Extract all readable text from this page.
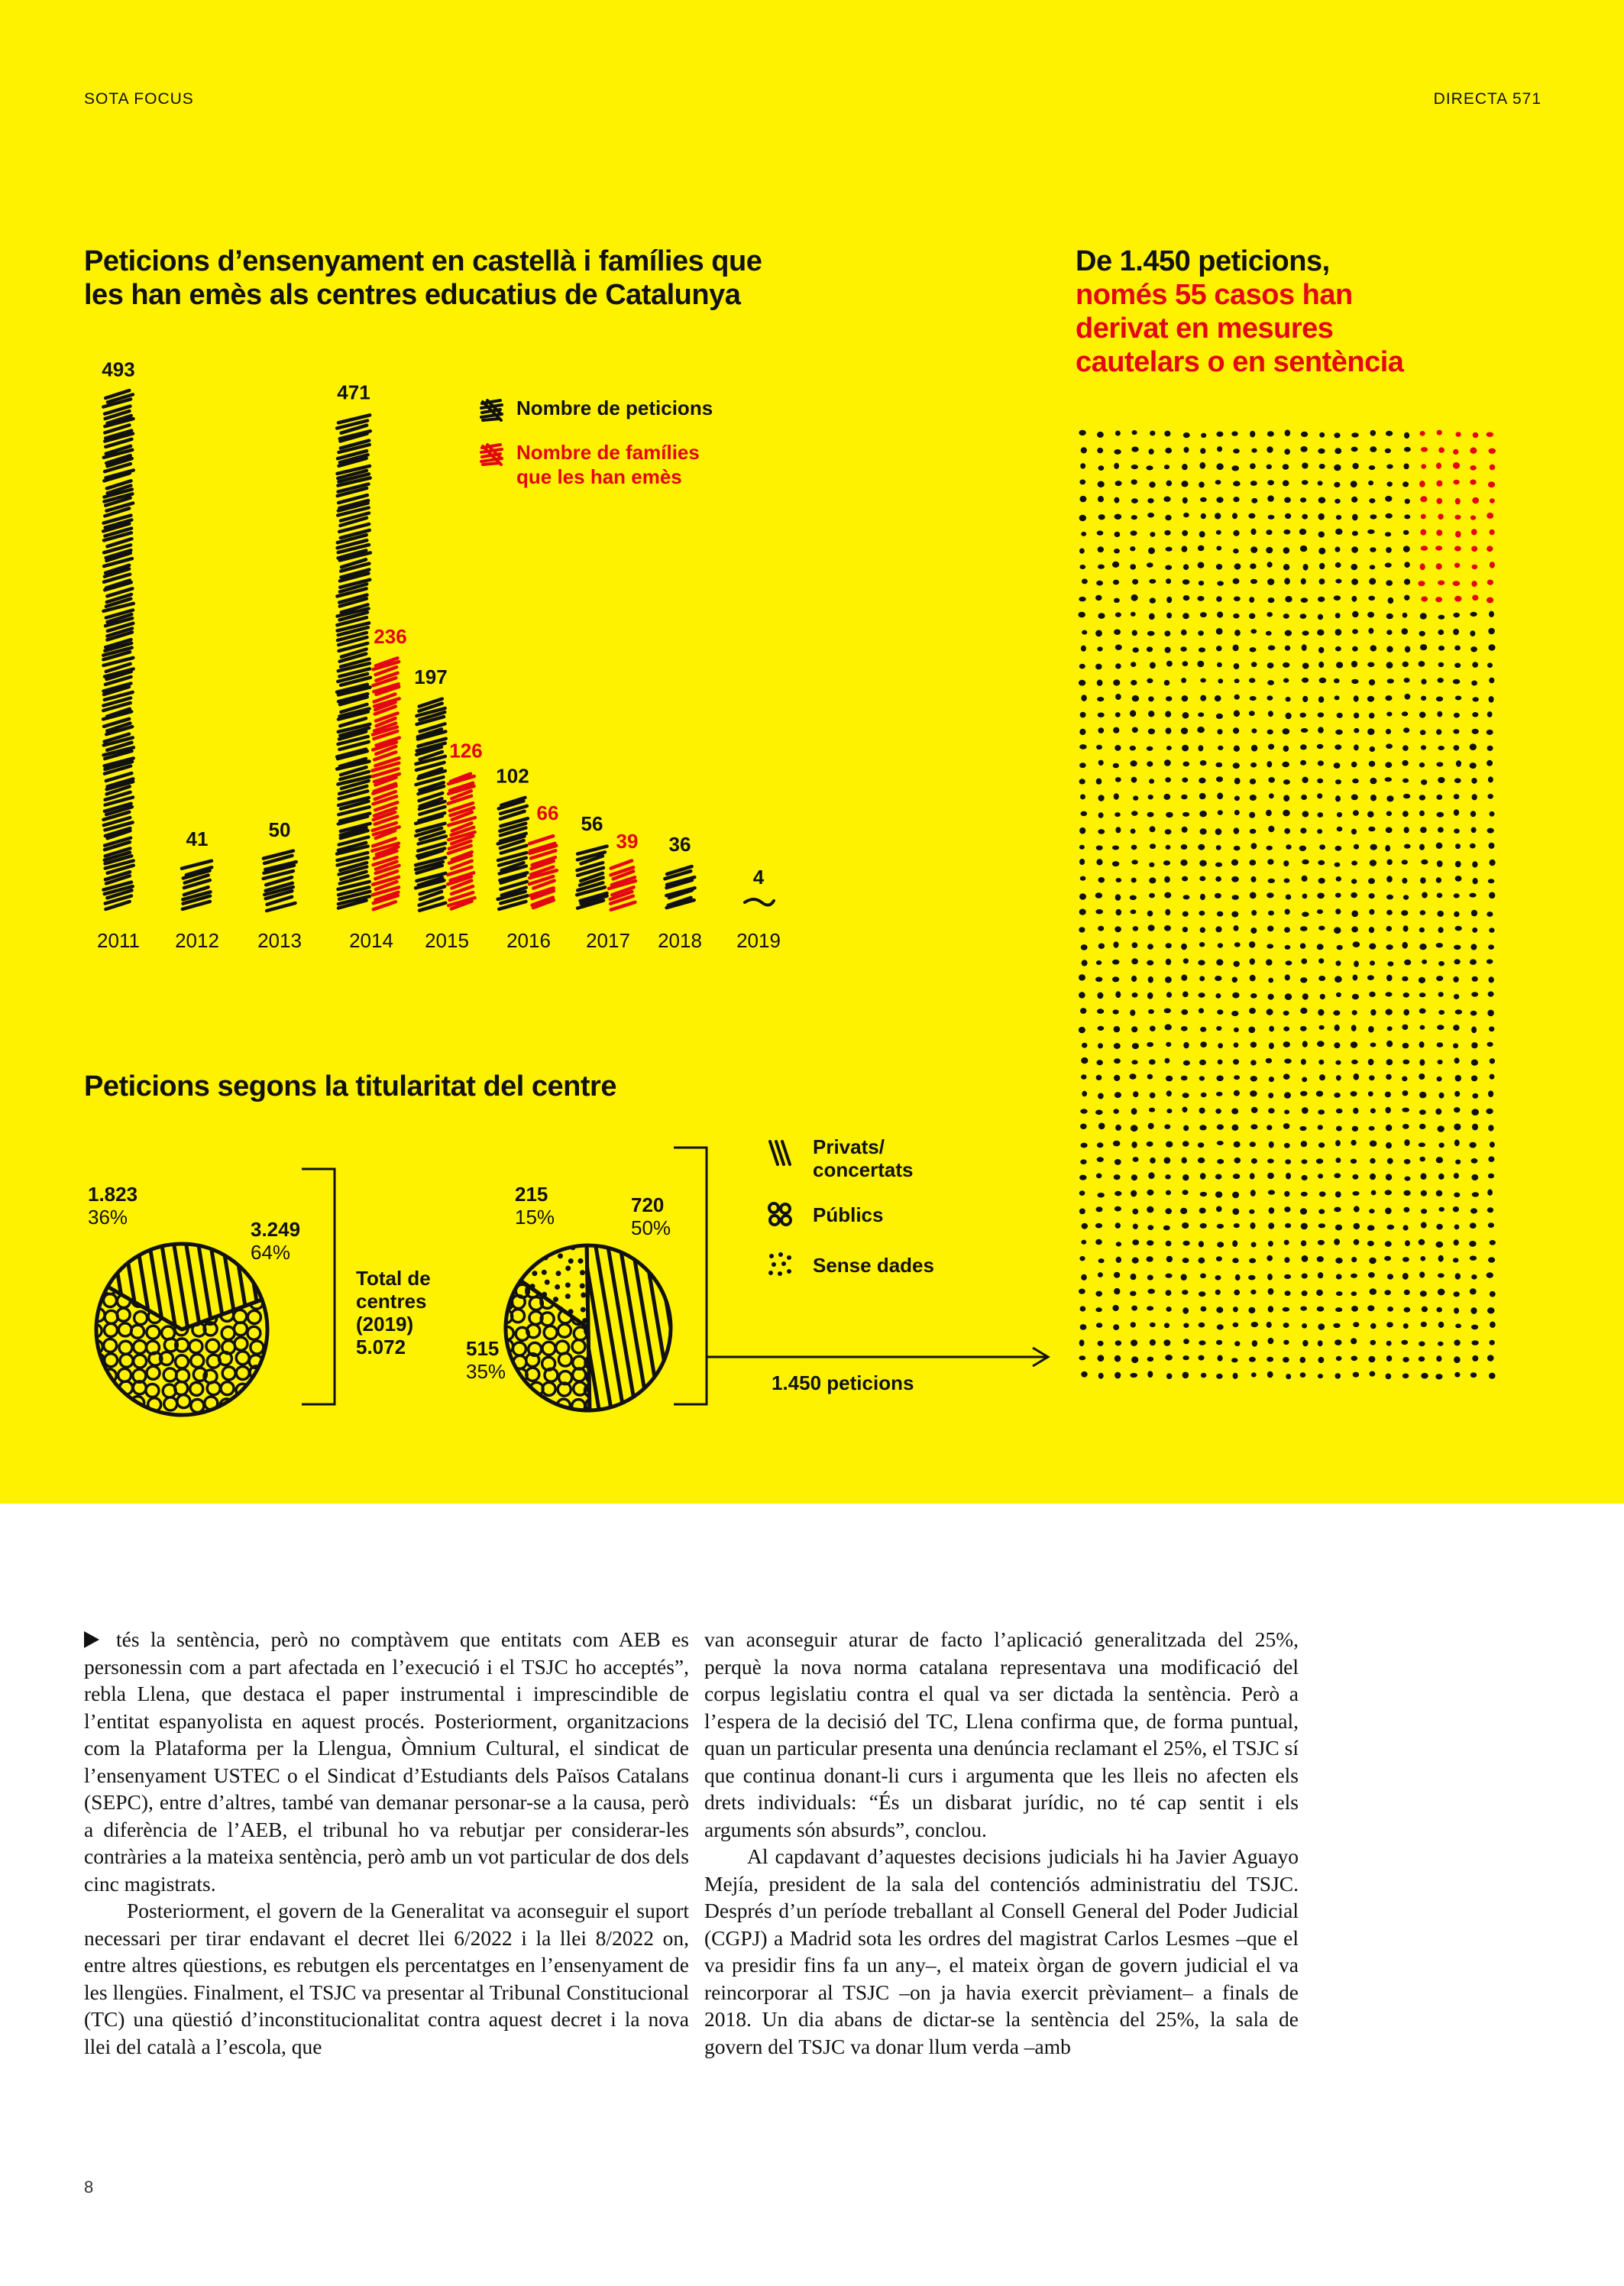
SOTA FOCUS	DIRECTA 571
Peticions d’ensenyament en castellà i famílies que
les han emès als centres educatius de Catalunya
De 1.450 peticions,
només 55 casos han
derivat en mesures
cautelars o en sentència
Nombre de peticions
Nombre de famílies
que les han emès
493
2011
41
2012
50
2013
471
236
2014
197
126
2015
102
66
2016
56
39
2017
36
2018
4
2019
Peticions segons la titularitat del centre
1.823
36%
3.249
64%
Total de
centres
(2019)
5.072
215
15%
720
50%
515
35%
Privats/
concertats
Públics
Sense dades
1.450 peticions

tés la sentència, però no comptàvem que entitats com AEB es personessin com a part afectada en l’execució i el TSJC ho acceptés”, rebla Llena, que destaca el paper instrumental i imprescindible de l’entitat espanyolista en aquest procés. Posteriorment, organitzacions com la Plataforma per la Llengua, Òmnium Cultural, el sindicat de l’ensenyament USTEC o el Sindicat d’Estudiants dels Països Catalans (SEPC), entre d’altres, també van demanar personar-se a la causa, però a diferència de l’AEB, el tribunal ho va rebutjar per considerar-les contràries a la mateixa sentència, però amb un vot particular de dos dels cinc magistrats.

Posteriorment, el govern de la Generalitat va aconseguir el suport necessari per tirar endavant el decret llei 6/2022 i la llei 8/2022 on, entre altres qüestions, es rebutgen els percentatges en l’ensenyament de les llengües. Finalment, el TSJC va presentar al Tribunal Constitucional (TC) una qüestió d’inconstitucionalitat contra aquest decret i la nova llei del català a l’escola, que

van aconseguir aturar de facto l’aplicació generalitzada del 25%, perquè la nova norma catalana representava una modificació del corpus legislatiu contra el qual va ser dictada la sentència. Però a l’espera de la decisió del TC, Llena confirma que, de forma puntual, quan un particular presenta una denúncia reclamant el 25%, el TSJC sí que continua donant-li curs i argumenta que les lleis no afecten els drets individuals: “És un disbarat jurídic, no té cap sentit i els arguments són absurds”, conclou.

Al capdavant d’aquestes decisions judicials hi ha Javier Aguayo Mejía, president de la sala del contenciós administratiu del TSJC. Després d’un període treballant al Consell General del Poder Judicial (CGPJ) a Madrid sota les ordres del magistrat Carlos Lesmes –que el va presidir fins fa un any–, el mateix òrgan de govern judicial el va reincorporar al TSJC –on ja havia exercit prèviament– a finals de 2018. Un dia abans de dictar-se la sentència del 25%, la sala de govern del TSJC va donar llum verda –amb

8
